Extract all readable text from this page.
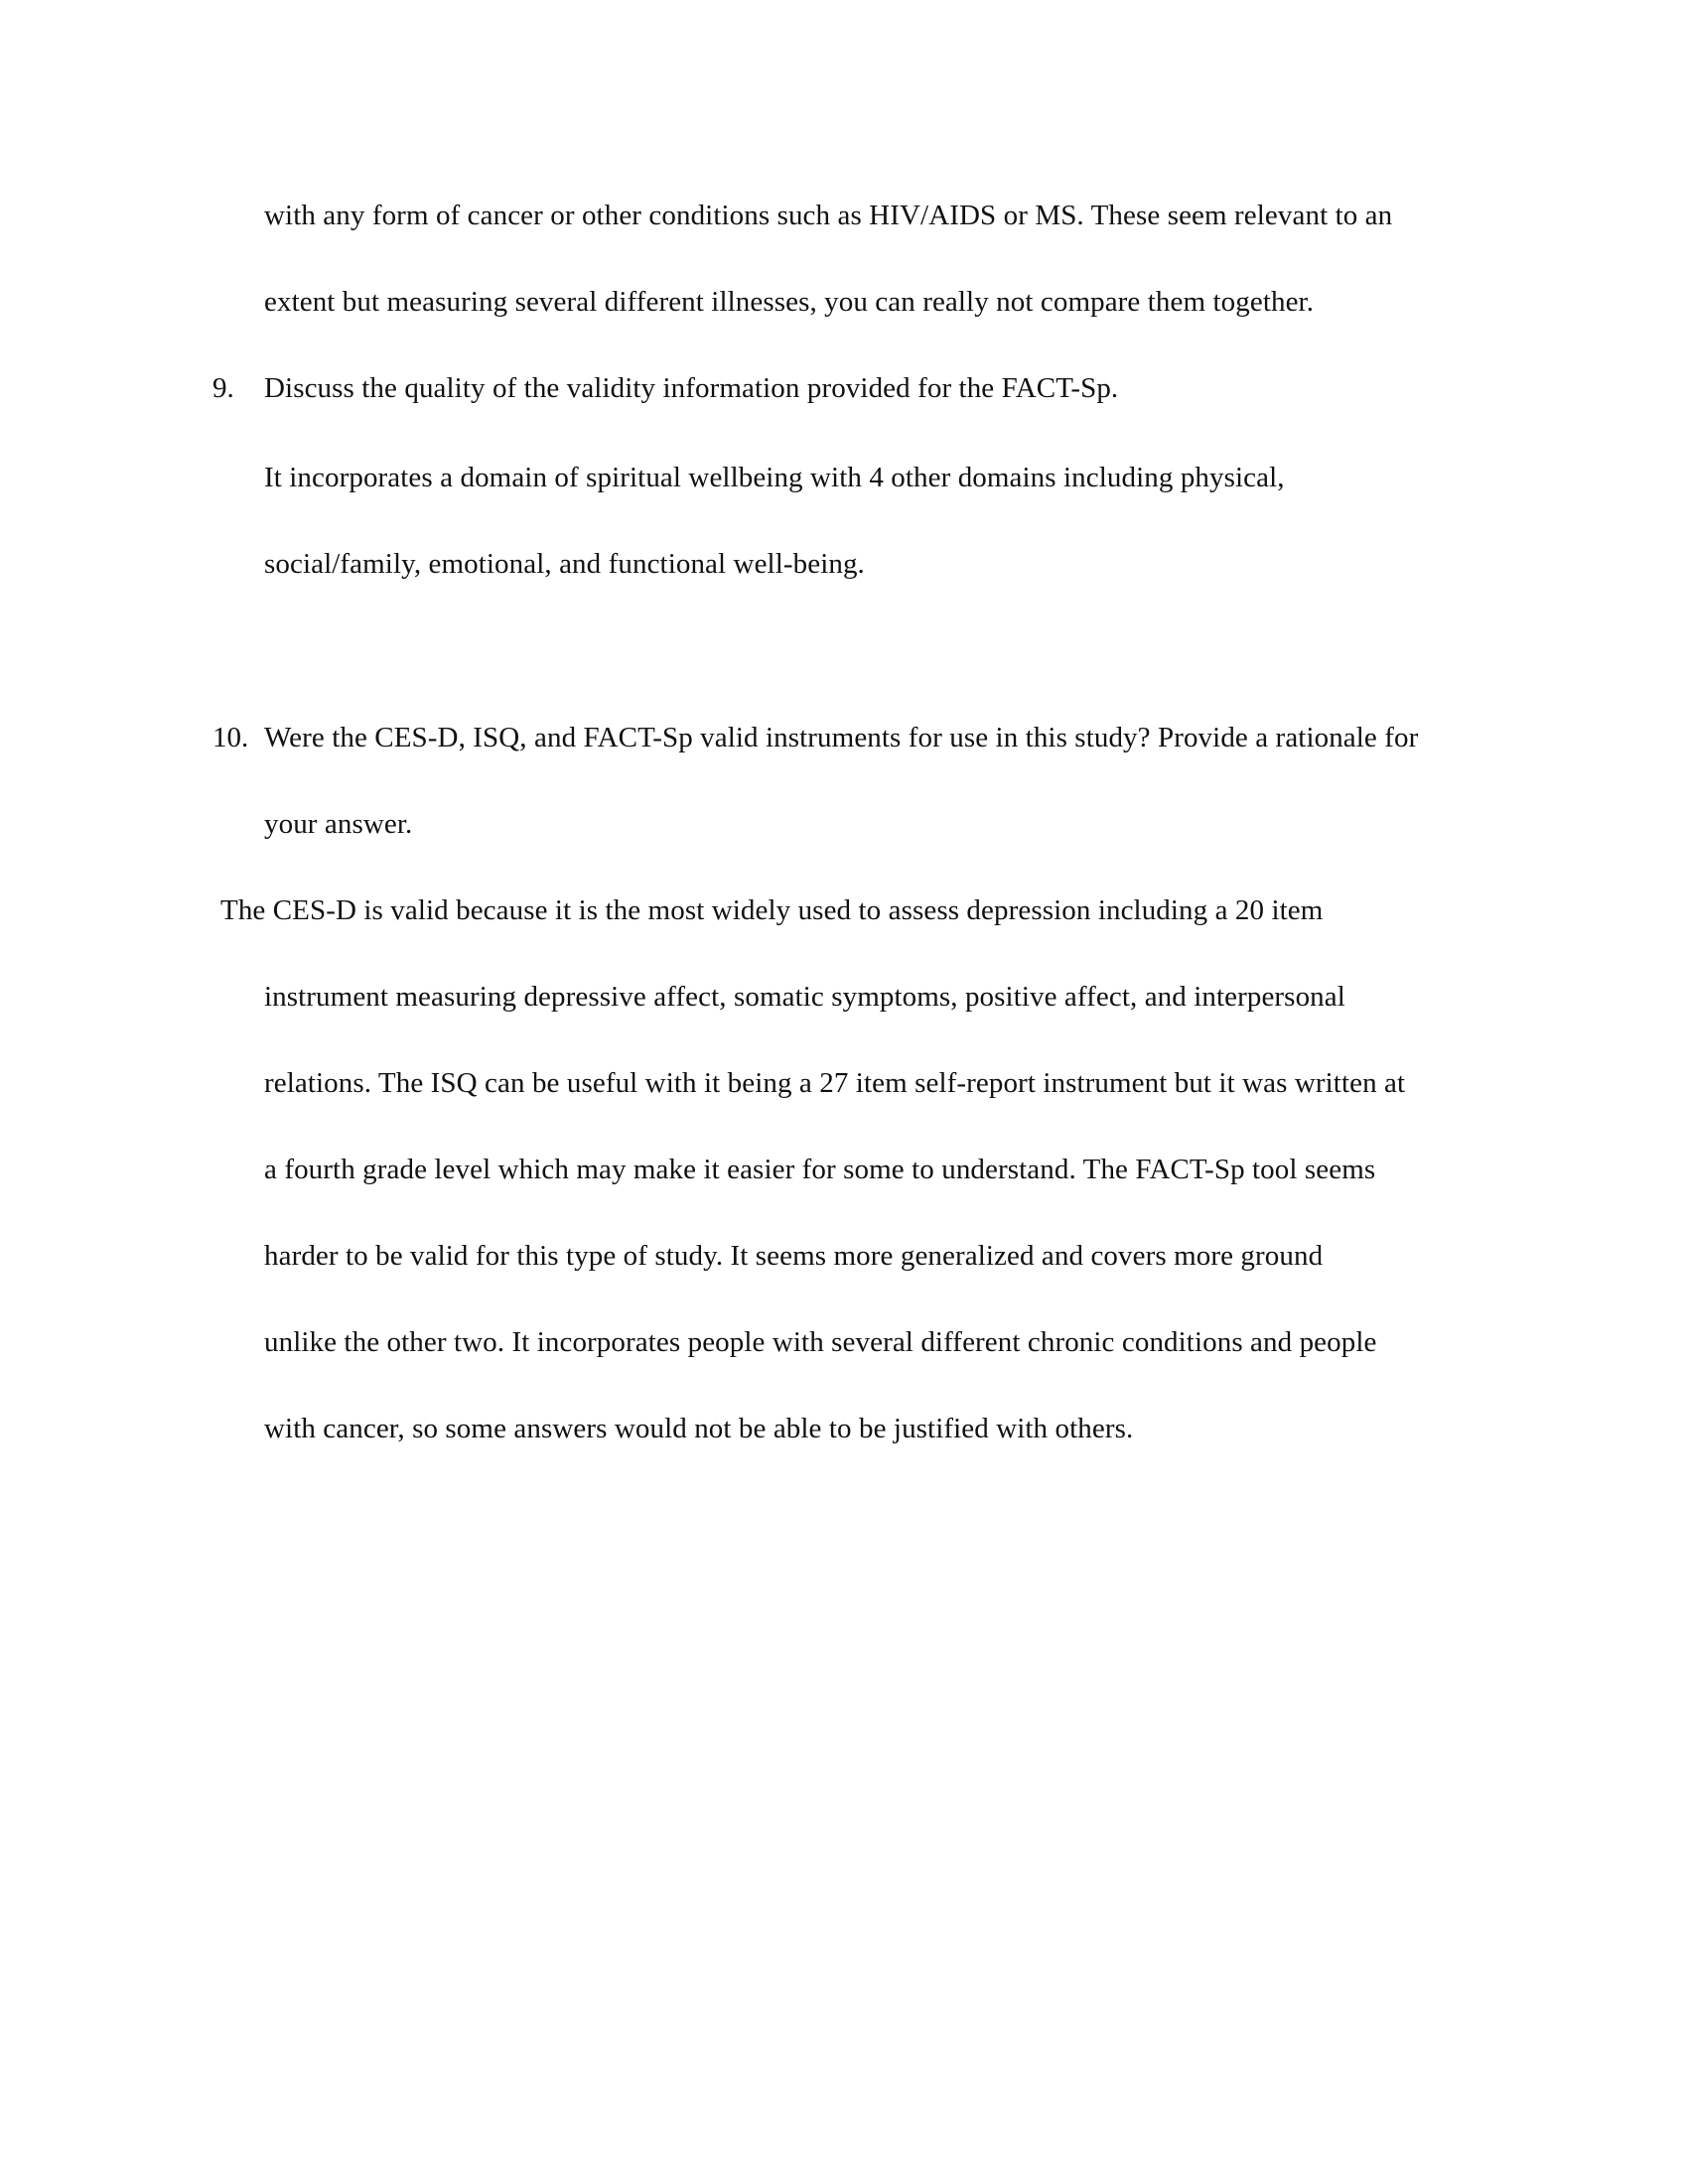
with any form of cancer or other conditions such as HIV/AIDS or MS. These seem relevant to an
extent but measuring several different illnesses, you can really not compare them together.
9. Discuss the quality of the validity information provided for the FACT-Sp.
It incorporates a domain of spiritual wellbeing with 4 other domains including physical,
social/family, emotional, and functional well-being.
10. Were the CES-D, ISQ, and FACT-Sp valid instruments for use in this study? Provide a rationale for
your answer.
The CES-D is valid because it is the most widely used to assess depression including a 20 item
instrument measuring depressive affect, somatic symptoms, positive affect, and interpersonal
relations. The ISQ can be useful with it being a 27 item self-report instrument but it was written at
a fourth grade level which may make it easier for some to understand. The FACT-Sp tool seems
harder to be valid for this type of study. It seems more generalized and covers more ground
unlike the other two. It incorporates people with several different chronic conditions and people
with cancer, so some answers would not be able to be justified with others.
